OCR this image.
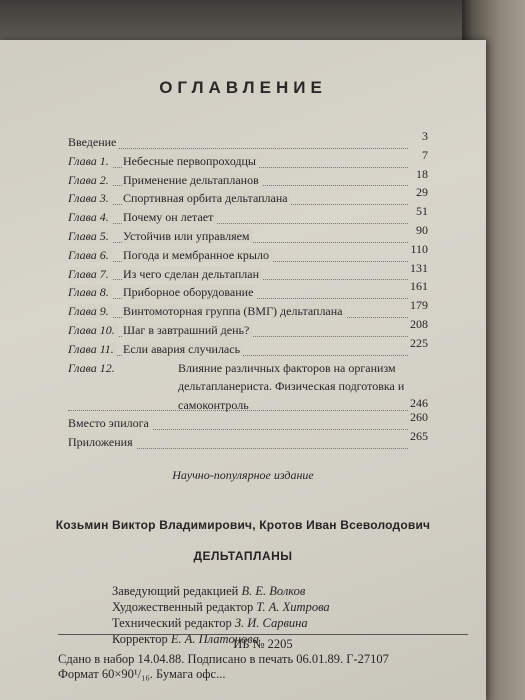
ОГЛАВЛЕНИЕ
Введение	3
Глава 1. Небесные первопроходцы	7
Глава 2. Применение дельтапланов	18
Глава 3. Спортивная орбита дельтаплана	29
Глава 4. Почему он летает	51
Глава 5. Устойчив или управляем	90
Глава 6. Погода и мембранное крыло	110
Глава 7. Из чего сделан дельтаплан	131
Глава 8. Приборное оборудование	161
Глава 9. Винтомоторная группа (ВМГ) дельтаплана	179
Глава 10. Шаг в завтрашний день?	208
Глава 11. Если авария случилась	225
Глава 12.	Влияние различных факторов на организм дельтапланериста. Физическая подготовка и самоконтроль	246
Вместо эпилога	260
Приложения	265
Научно-популярное издание
Козьмин Виктор Владимирович, Кротов Иван Всеволодович
ДЕЛЬТАПЛАНЫ
Заведующий редакцией В. Е. Волков
Художественный редактор Т. А. Хитрова
Технический редактор З. И. Сарвина
Корректор Е. А. Платонова
ИБ № 2205
Сдано в набор 14.04.88. Подписано в печать 06.01.89. Г-27107
Формат 60×90¹/₁₆. Бумага офс...
